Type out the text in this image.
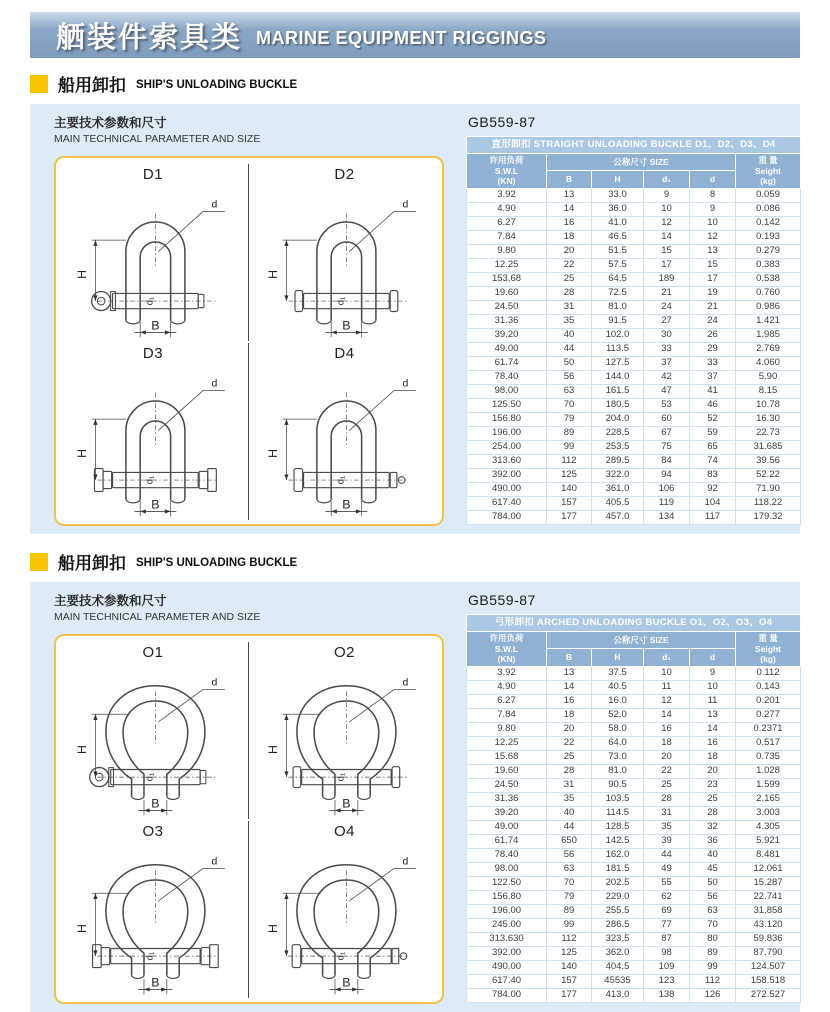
舾装件索具类 MARINE EQUIPMENT RIGGINGS
船用卸扣 SHIP'S UNLOADING BUCKLE
主要技术参数和尺寸
MAIN TECHNICAL PARAMETER AND SIZE
D1
H
B
d
d₁
D2
H
B
d
d₁
D3
H
B
d
d₁
D4
H
B
d
d₁
GB559-87
直形卸扣 STRAIGHT UNLOADING BUCKLE D1、D2、D3、D4					

许用负荷
S.W.L
(KN)
	公称尺寸 SIZE	重 量
Seight
(kg)

	B	H	d₁	d	
3.92	13	33.0	9	8	0.059
4.90	14	36.0	10	9	0.086
6.27	16	41.0	12	10	0.142
7.84	18	46.5	14	12	0.193
9.80	20	51.5	15	13	0.279
12.25	22	57.5	17	15	0.383
153.68	25	64.5	189	17	0.538
19.60	28	72.5	21	19	0.760
24.50	31	81.0	24	21	0.986
31.36	35	91.5	27	24	1.421
39.20	40	102.0	30	26	1.985
49.00	44	113.5	33	29	2.769
61.74	50	127.5	37	33	4.060
78.40	56	144.0	42	37	5.90
98.00	63	161.5	47	41	8.15
125.50	70	180.5	53	46	10.78
156.80	79	204.0	60	52	16.30
196.00	89	228.5	67	59	22.73
254.00	99	253.5	75	65	31.685
313.60	112	289.5	84	74	39.56
392.00	125	322.0	94	83	52.22
490.00	140	361.0	106	92	71.90
617.40	157	405.5	119	104	118.22
784.00	177	457.0	134	117	179.32
船用卸扣 SHIP'S UNLOADING BUCKLE
主要技术参数和尺寸
MAIN TECHNICAL PARAMETER AND SIZE
O1
H
B
d
d₁
O2
H
B
d
d₁
O3
H
B
d
d₁
O4
H
B
d
d₁
GB559-87
弓形卸扣 ARCHED UNLOADING BUCKLE O1、O2、O3、O4					

许用负荷
S.W.L
(KN)
	公称尺寸 SIZE	重 量
Seight
(kg)

	B	H	d₁	d	
3.92	13	37.5	10	9	0.112
4.90	14	40.5	11	10	0.143
6.27	16	16.0	12	11	0.201
7.84	18	52.0	14	13	0.277
9.80	20	58.0	16	14	0.2371
12.25	22	64.0	18	16	0.517
15.68	25	73.0	20	18	0.735
19.60	28	81.0	22	20	1.028
24.50	31	90.5	25	23	1.599
31.36	35	103.5	28	25	2.165
39.20	40	114.5	31	28	3.003
49.00	44	128.5	35	32	4.305
61.74	650	142.5	39	36	5.921
78.40	56	162.0	44	40	8.481
98.00	63	181.5	49	45	12.061
122.50	70	202.5	55	50	15.287
156.80	79	229.0	62	56	22.741
196.00	89	255.5	69	63	31.858
245.00	99	286.5	77	70	43.120
313.630	112	323.5	87	80	59.836
392.00	125	362.0	98	89	87.790
490.00	140	404.5	109	99	124.507
617.40	157	45535	123	112	158.518
784.00	177	413.0	138	126	272.527
